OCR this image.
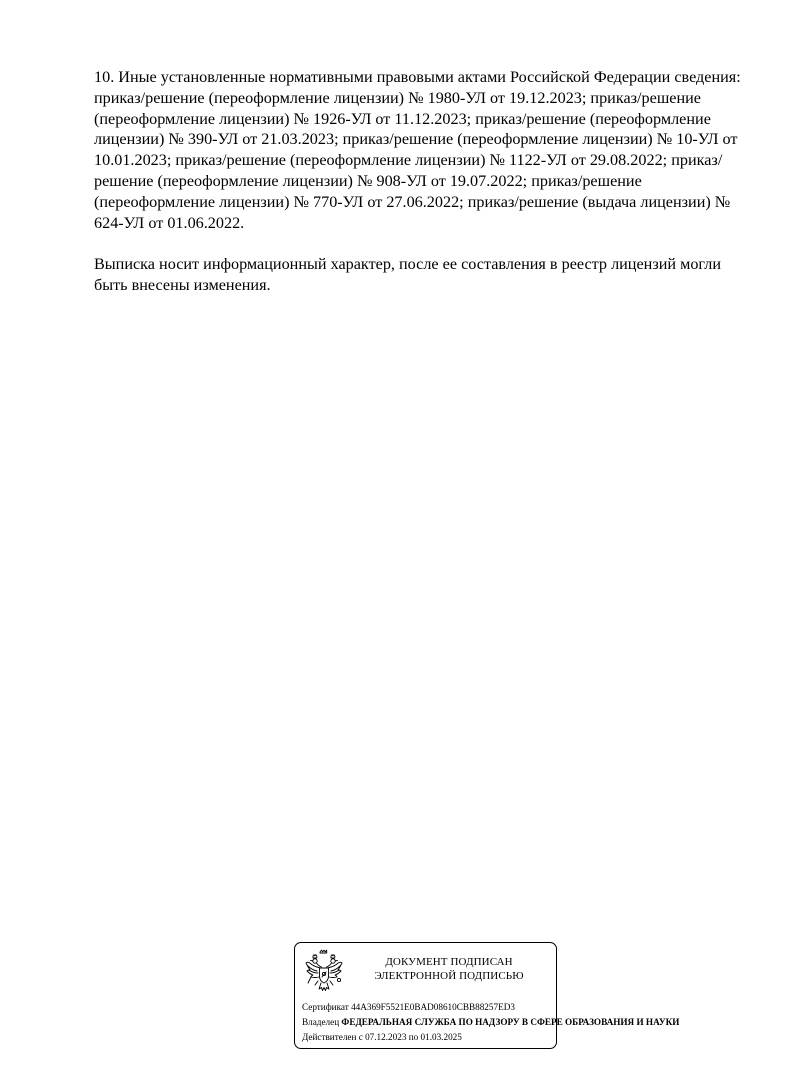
10. Иные установленные нормативными правовыми актами Российской Федерации сведения: приказ/решение (переоформление лицензии) № 1980-УЛ от 19.12.2023; приказ/решение (переоформление лицензии) № 1926-УЛ от 11.12.2023; приказ/решение (переоформление лицензии) № 390-УЛ от 21.03.2023; приказ/решение (переоформление лицензии) № 10-УЛ от 10.01.2023; приказ/решение (переоформление лицензии) № 1122-УЛ от 29.08.2022; приказ/решение (переоформление лицензии) № 908-УЛ от 19.07.2022; приказ/решение (переоформление лицензии) № 770-УЛ от 27.06.2022; приказ/решение (выдача лицензии) № 624-УЛ от 01.06.2022.

Выписка носит информационный характер, после ее составления в реестр лицензий могли быть внесены изменения.

ДОКУМЕНТ ПОДПИСАН
ЭЛЕКТРОННОЙ ПОДПИСЬЮ
Сертификат 44A369F5521E0BAD08610CBB88257ED3
Владелец ФЕДЕРАЛЬНАЯ СЛУЖБА ПО НАДЗОРУ В СФЕРЕ ОБРАЗОВАНИЯ И НАУКИ
Действителен с 07.12.2023 по 01.03.2025
